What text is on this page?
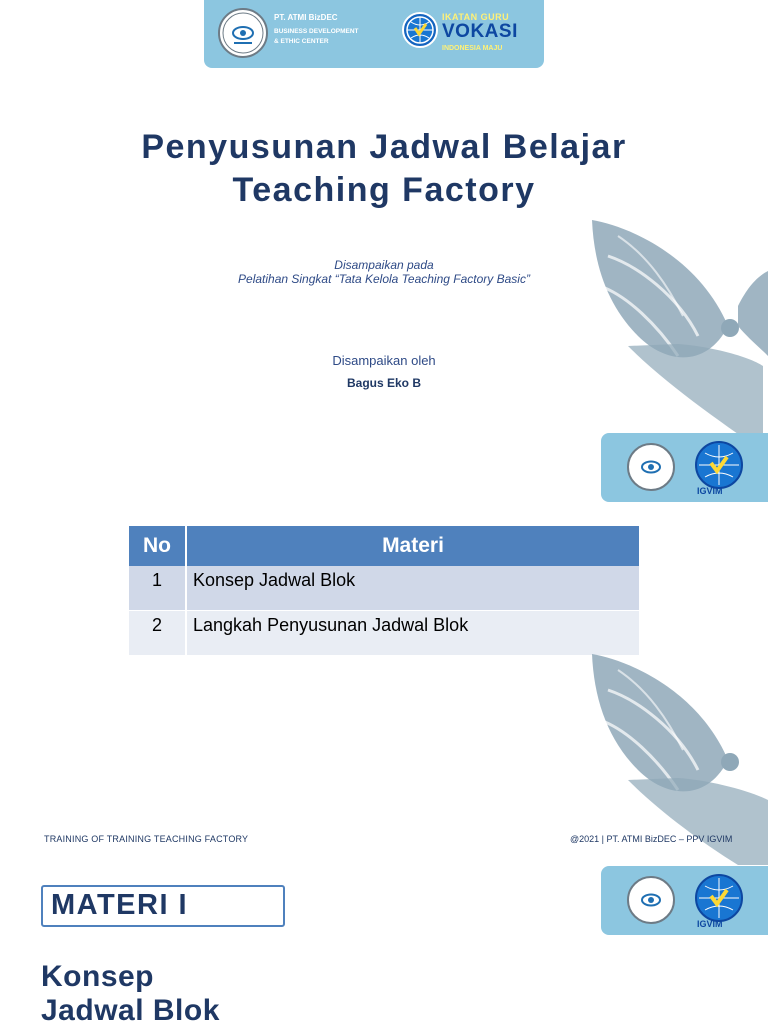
PT. ATMI BizDEC
BUSINESS DEVELOPMENT
& ETHIC CENTER
IKATAN GURU
VOKASI
INDONESIA MAJU
Penyusunan Jadwal Belajar
Teaching Factory
Disampaikan pada
Pelatihan Singkat “Tata Kelola Teaching Factory Basic”
Disampaikan oleh
Bagus Eko B
IGVIM
No	Materi
1	Konsep Jadwal Blok
2	Langkah Penyusunan Jadwal Blok
TRAINING OF TRAINING TEACHING FACTORY	@2021 | PT. ATMI BizDEC – PPV IGVIM
IGVIM
MATERI I
Konsep
Jadwal Blok
